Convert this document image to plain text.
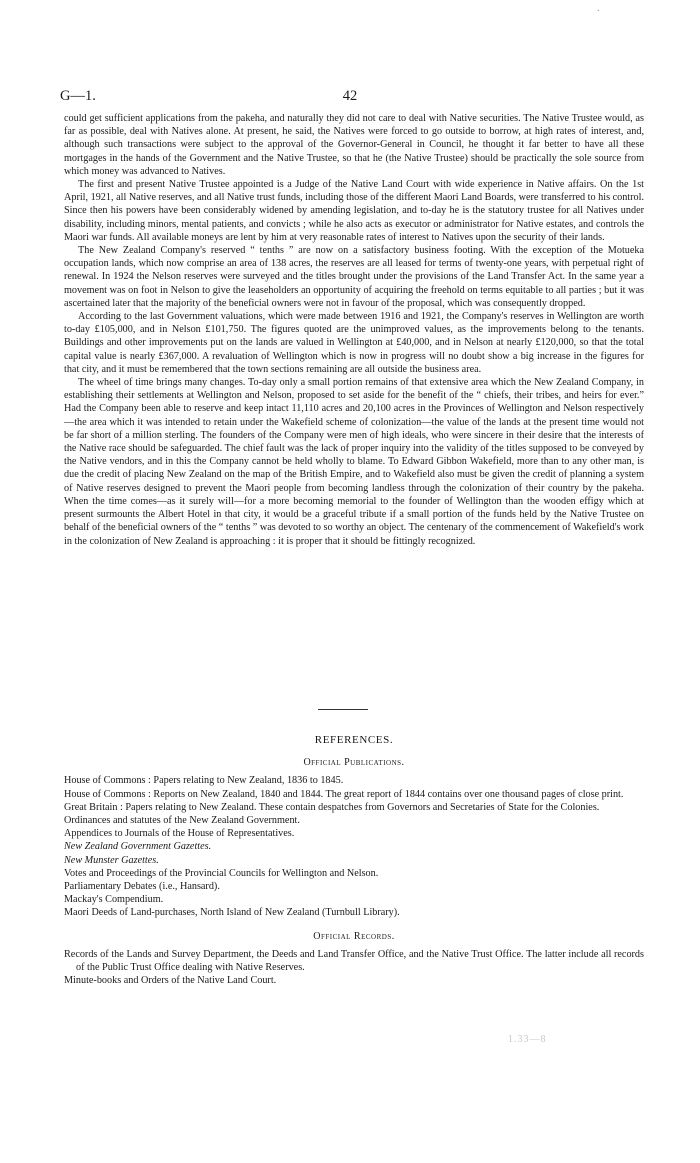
·
G—1.	42

could get sufficient applications from the pakeha, and naturally they did not care to deal with Native securities. The Native Trustee would, as far as possible, deal with Natives alone. At present, he said, the Natives were forced to go outside to borrow, at high rates of interest, and, although such transactions were subject to the approval of the Governor-General in Council, he thought it far better to have all these mortgages in the hands of the Government and the Native Trustee, so that he (the Native Trustee) should be practically the sole source from which money was advanced to Natives.

The first and present Native Trustee appointed is a Judge of the Native Land Court with wide experience in Native affairs. On the 1st April, 1921, all Native reserves, and all Native trust funds, including those of the different Maori Land Boards, were transferred to his control. Since then his powers have been considerably widened by amending legislation, and to-day he is the statutory trustee for all Natives under disability, including minors, mental patients, and convicts ; while he also acts as executor or administrator for Native estates, and controls the Maori war funds. All available moneys are lent by him at very reasonable rates of interest to Natives upon the security of their lands.

The New Zealand Company's reserved “ tenths ” are now on a satisfactory business footing. With the exception of the Motueka occupation lands, which now comprise an area of 138 acres, the reserves are all leased for terms of twenty-one years, with perpetual right of renewal. In 1924 the Nelson reserves were surveyed and the titles brought under the provisions of the Land Transfer Act. In the same year a movement was on foot in Nelson to give the leaseholders an opportunity of acquiring the freehold on terms equitable to all parties ; but it was ascertained later that the majority of the beneficial owners were not in favour of the proposal, which was consequently dropped.

According to the last Government valuations, which were made between 1916 and 1921, the Company's reserves in Wellington are worth to-day £105,000, and in Nelson £101,750. The figures quoted are the unimproved values, as the improvements belong to the tenants. Buildings and other improvements put on the lands are valued in Wellington at £40,000, and in Nelson at nearly £120,000, so that the total capital value is nearly £367,000. A revaluation of Wellington which is now in progress will no doubt show a big increase in the figures for that city, and it must be remembered that the town sections remaining are all outside the business area.

The wheel of time brings many changes. To-day only a small portion remains of that extensive area which the New Zealand Company, in establishing their settlements at Wellington and Nelson, proposed to set aside for the benefit of the “ chiefs, their tribes, and heirs for ever.” Had the Company been able to reserve and keep intact 11,110 acres and 20,100 acres in the Provinces of Wellington and Nelson respectively—the area which it was intended to retain under the Wakefield scheme of colonization—the value of the lands at the present time would not be far short of a million sterling. The founders of the Company were men of high ideals, who were sincere in their desire that the interests of the Native race should be safeguarded. The chief fault was the lack of proper inquiry into the validity of the titles supposed to be conveyed by the Native vendors, and in this the Company cannot be held wholly to blame. To Edward Gibbon Wakefield, more than to any other man, is due the credit of placing New Zealand on the map of the British Empire, and to Wakefield also must be given the credit of planning a system of Native reserves designed to prevent the Maori people from becoming landless through the colonization of their country by the pakeha. When the time comes—as it surely will—for a more becoming memorial to the founder of Wellington than the wooden effigy which at present surmounts the Albert Hotel in that city, it would be a graceful tribute if a small portion of the funds held by the Native Trustee on behalf of the beneficial owners of the “ tenths ” was devoted to so worthy an object. The centenary of the commencement of Wakefield's work in the colonization of New Zealand is approaching : it is proper that it should be fittingly recognized.

REFERENCES.
Official Publications.
House of Commons : Papers relating to New Zealand, 1836 to 1845.
House of Commons : Reports on New Zealand, 1840 and 1844. The great report of 1844 contains over one thousand pages of close print.
Great Britain : Papers relating to New Zealand. These contain despatches from Governors and Secretaries of State for the Colonies.
Ordinances and statutes of the New Zealand Government.
Appendices to Journals of the House of Representatives.
New Zealand Government Gazettes.
New Munster Gazettes.
Votes and Proceedings of the Provincial Councils for Wellington and Nelson.
Parliamentary Debates (i.e., Hansard).
Mackay's Compendium.
Maori Deeds of Land-purchases, North Island of New Zealand (Turnbull Library).
Official Records.
Records of the Lands and Survey Department, the Deeds and Land Transfer Office, and the Native Trust Office. The latter include all records of the Public Trust Office dealing with Native Reserves.
Minute-books and Orders of the Native Land Court.
1.33—8
